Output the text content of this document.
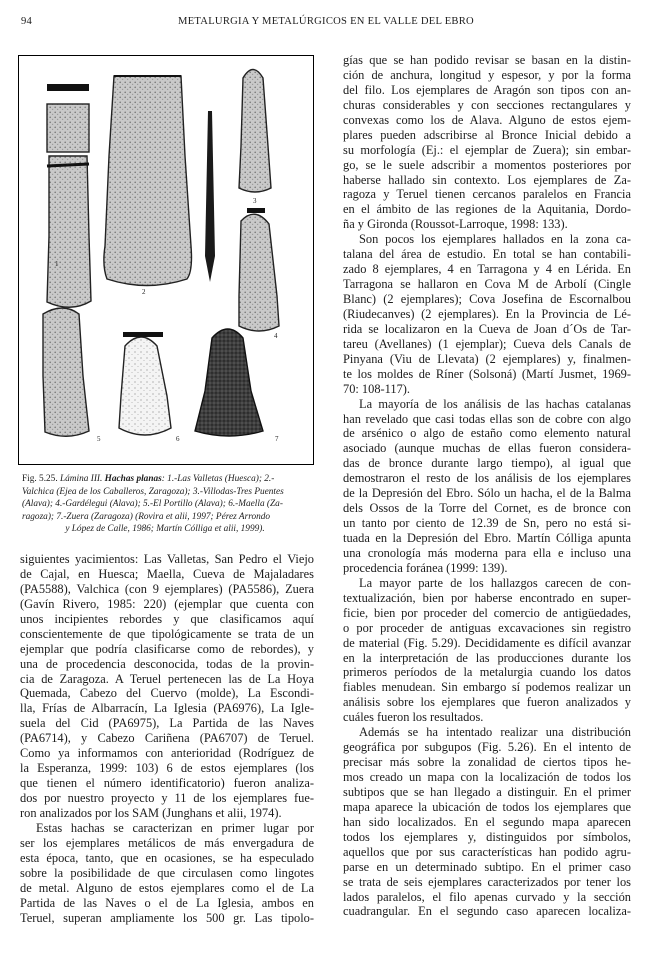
94	METALURGIA Y METALÚRGICOS EN EL VALLE DEL EBRO
1
2
3
4
5	6	7
Fig. 5.25. Lámina III. Hachas planas: 1.-Las Valletas (Huesca); 2.-
Valchica (Ejea de los Caballeros, Zaragoza); 3.-Villodas-Tres Puentes
(Alava); 4.-Gardélegui (Alava); 5.-El Portillo (Alava); 6.-Maella (Za-
ragoza); 7.-Zuera (Zaragoza) (Rovira et alii, 1997; Pérez Arrondo
y López de Calle, 1986; Martín Cólliga et alii, 1999).
siguientes yacimientos: Las Valletas, San Pedro el Viejo
de Cajal, en Huesca; Maella, Cueva de Majaladares
(PA5588), Valchica (con 9 ejemplares) (PA5586), Zuera
(Gavín Rivero, 1985: 220) (ejemplar que cuenta con
unos incipientes rebordes y que clasificamos aquí
conscientemente de que tipológicamente se trata de un
ejemplar que podría clasificarse como de rebordes), y
una de procedencia desconocida, todas de la provin-
cia de Zaragoza. A Teruel pertenecen las de La Hoya
Quemada, Cabezo del Cuervo (molde), La Escondi-
lla, Frías de Albarracín, La Iglesia (PA6976), La Igle-
suela del Cid (PA6975), La Partida de las Naves
(PA6714), y Cabezo Cariñena (PA6707) de Teruel.
Como ya informamos con anterioridad (Rodríguez de
la Esperanza, 1999: 103) 6 de estos ejemplares (los
que tienen el número identificatorio) fueron analiza-
dos por nuestro proyecto y 11 de los ejemplares fue-
ron analizados por los SAM (Junghans et alii, 1974).
Estas hachas se caracterizan en primer lugar por
ser los ejemplares metálicos de más envergadura de
esta época, tanto, que en ocasiones, se ha especulado
sobre la posibilidade de que circulasen como lingotes
de metal. Alguno de estos ejemplares como el de La
Partida de las Naves o el de La Iglesia, ambos en
Teruel, superan ampliamente los 500 gr. Las tipolo-
gías que se han podido revisar se basan en la distin-
ción de anchura, longitud y espesor, y por la forma
del filo. Los ejemplares de Aragón son tipos con an-
churas considerables y con secciones rectangulares y
convexas como los de Alava. Alguno de estos ejem-
plares pueden adscribirse al Bronce Inicial debido a
su morfología (Ej.: el ejemplar de Zuera); sin embar-
go, se le suele adscribir a momentos posteriores por
haberse hallado sin contexto. Los ejemplares de Za-
ragoza y Teruel tienen cercanos paralelos en Francia
en el ámbito de las regiones de la Aquitania, Dordo-
ña y Gironda (Roussot-Larroque, 1998: 133).
Son pocos los ejemplares hallados en la zona ca-
talana del área de estudio. En total se han contabili-
zado 8 ejemplares, 4 en Tarragona y 4 en Lérida. En
Tarragona se hallaron en Cova M de Arbolí (Cingle
Blanc) (2 ejemplares); Cova Josefina de Escornalbou
(Riudecanves) (2 ejemplares). En la Provincia de Lé-
rida se localizaron en la Cueva de Joan d´Os de Tar-
tareu (Avellanes) (1 ejemplar); Cueva dels Canals de
Pinyana (Viu de Llevata) (2 ejemplares) y, finalmen-
te los moldes de Ríner (Solsoná) (Martí Jusmet, 1969-
70: 108-117).
La mayoría de los análisis de las hachas catalanas
han revelado que casi todas ellas son de cobre con algo
de arsénico o algo de estaño como elemento natural
asociado (aunque muchas de ellas fueron considera-
das de bronce durante largo tiempo), al igual que
demostraron el resto de los análisis de los ejemplares
de la Depresión del Ebro. Sólo un hacha, el de la Balma
dels Ossos de la Torre del Cornet, es de bronce con
un tanto por ciento de 12.39 de Sn, pero no está si-
tuada en la Depresión del Ebro. Martín Cólliga apunta
una cronología más moderna para ella e incluso una
procedencia foránea (1999: 139).
La mayor parte de los hallazgos carecen de con-
textualización, bien por haberse encontrado en super-
ficie, bien por proceder del comercio de antigüedades,
o por proceder de antiguas excavaciones sin registro
de material (Fig. 5.29). Decididamente es difícil avanzar
en la interpretación de las producciones durante los
primeros períodos de la metalurgia cuando los datos
fiables menudean. Sin embargo sí podemos realizar un
análisis sobre los ejemplares que fueron analizados y
cuáles fueron los resultados.
Además se ha intentado realizar una distribución
geográfica por subgupos (Fig. 5.26). En el intento de
precisar más sobre la zonalidad de ciertos tipos he-
mos creado un mapa con la localización de todos los
subtipos que se han llegado a distinguir. En el primer
mapa aparece la ubicación de todos los ejemplares que
han sido localizados. En el segundo mapa aparecen
todos los ejemplares y, distinguidos por símbolos,
aquellos que por sus características han podido agru-
parse en un determinado subtipo. En el primer caso
se trata de seis ejemplares caracterizados por tener los
lados paralelos, el filo apenas curvado y la sección
cuadrangular. En el segundo caso aparecen localiza-
